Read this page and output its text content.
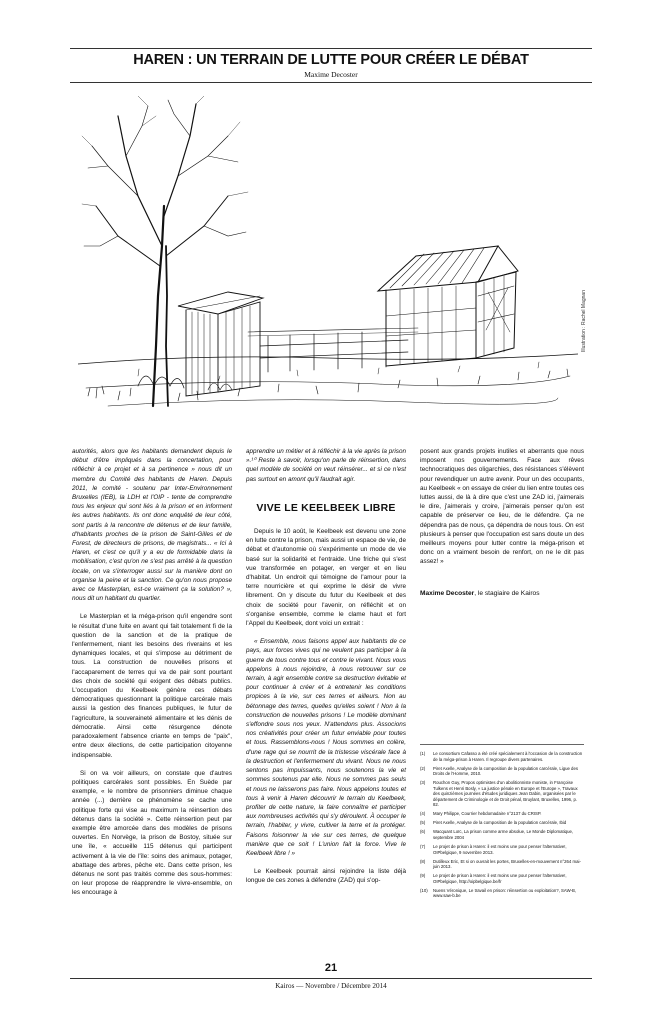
HAREN : UN TERRAIN DE LUTTE POUR CRÉER LE DÉBAT
Maxime Decoster
Illustration : Rachel Magnan

autorités, alors que les habitants demandent depuis le début d'être impliqués dans la concertation, pour réfléchir à ce projet et à sa pertinence » nous dit un membre du Comité des habitants de Haren. Depuis 2011, le comité - soutenu par Inter-Environnement Bruxelles (IEB), la LDH et l'OIP - tente de comprendre tous les enjeux qui sont liés à la prison et en informent les autres habitants. Ils ont donc enquêté de leur côté, sont partis à la rencontre de détenus et de leur famille, d'habitants proches de la prison de Saint-Gilles et de Forest, de directeurs de prisons, de magistrats... « Ici à Haren, et c'est ce qu'il y a eu de formidable dans la mobilisation, c'est qu'on ne s'est pas arrêté à la question locale, on va s'interroger aussi sur la manière dont on organise la peine et la sanction. Ce qu'on nous propose avec ce Masterplan, est-ce vraiment ça la solution? », nous dit un habitant du quartier.

Le Masterplan et la méga-prison qu'il engendre sont le résultat d'une fuite en avant qui fait totalement fi de la question de la sanction et de la pratique de l'enfermement, niant les besoins des riverains et les dynamiques locales, et qui s'impose au détriment de tous. La construction de nouvelles prisons et l'accaparement de terres qui va de pair sont pourtant des choix de société qui exigent des débats publics. L'occupation du Keelbeek génère ces débats démocratiques questionnant la politique carcérale mais aussi la gestion des finances publiques, le futur de l'agriculture, la souveraineté alimentaire et les dénis de démocratie. Ainsi cette résurgence dénote paradoxalement l'absence criante en temps de "paix", entre deux élections, de cette participation citoyenne indispensable.

Si on va voir ailleurs, on constate que d'autres politiques carcérales sont possibles. En Suède par exemple, « le nombre de prisonniers diminue chaque année (...) derrière ce phénomène se cache une politique forte qui vise au maximum la réinsertion des détenus dans la société ». Cette réinsertion peut par exemple être amorcée dans des modèles de prisons ouvertes. En Norvège, la prison de Bostoy, située sur une île, « accueille 115 détenus qui participent activement à la vie de l'île: soins des animaux, potager, abattage des arbres, pêche etc. Dans cette prison, les détenus ne sont pas traités comme des sous-hommes: on leur propose de réapprendre le vivre-ensemble, on les encourage à

apprendre un métier et à réfléchir à la vie après la prison ».¹⁰ Reste à savoir, lorsqu'on parle de réinsertion, dans quel modèle de société on veut réinsérer... et si ce n'est pas surtout en amont qu'il faudrait agir.

VIVE LE KEELBEEK LIBRE

Depuis le 10 août, le Keelbeek est devenu une zone en lutte contre la prison, mais aussi un espace de vie, de débat et d'autonomie où s'expérimente un mode de vie basé sur la solidarité et l'entraide. Une friche qui s'est vue transformée en potager, en verger et en lieu d'habitat. Un endroit qui témoigne de l'amour pour la terre nourricière et qui exprime le désir de vivre librement. On y discute du futur du Keelbeek et des choix de société pour l'avenir, on réfléchit et on s'organise ensemble, comme le clame haut et fort l'Appel du Keelbeek, dont voici un extrait :

« Ensemble, nous faisons appel aux habitants de ce pays, aux forces vives qui ne veulent pas participer à la guerre de tous contre tous et contre le vivant. Nous vous appelons à nous rejoindre, à nous retrouver sur ce terrain, à agir ensemble contre sa destruction évitable et pour continuer à créer et à entretenir les conditions propices à la vie, sur ces terres et ailleurs. Non au bétonnage des terres, quelles qu'elles soient ! Non à la construction de nouvelles prisons ! Le modèle dominant s'effondre sous nos yeux. N'attendons plus. Associons nos créativités pour créer un futur enviable pour toutes et tous. Rassemblons-nous ! Nous sommes en colère, d'une rage qui se nourrit de la tristesse viscérale face à la destruction et l'enfermement du vivant. Nous ne nous sentons pas impuissants, nous soutenons la vie et sommes soutenus par elle. Nous ne sommes pas seuls et nous ne laisserons pas faire. Nous appelons toutes et tous à venir à Haren découvrir le terrain du Keelbeek, profiter de cette nature, la faire connaître et participer aux nombreuses activités qui s'y déroulent. À occuper le terrain, l'habiter, y vivre, cultiver la terre et la protéger. Faisons foisonner la vie sur ces terres, de quelque manière que ce soit ! L'union fait la force. Vive le Keelbeek libre ! »

Le Keelbeek pourrait ainsi rejoindre la liste déjà longue de ces zones à défendre (ZAD) qui s'op-

posent aux grands projets inutiles et aberrants que nous imposent nos gouvernements. Face aux rêves technocratiques des oligarchies, des résistances s'élèvent pour revendiquer un autre avenir. Pour un des occupants, au Keelbeek « on essaye de créer du lien entre toutes ces luttes aussi, de là à dire que c'est une ZAD ici, j'aimerais le dire, j'aimerais y croire, j'aimerais penser qu'on est capable de préserver ce lieu, de le défendre. Ça ne dépendra pas de nous, ça dépendra de nous tous. On est plusieurs à penser que l'occupation est sans doute un des meilleurs moyens pour lutter contre la méga-prison et donc on a vraiment besoin de renfort, on ne le dit pas assez! »

Maxime Decoster, le stagiaire de Kairos
(1)	Le consortium Cafasso a été créé spécialement à l'occasion de la construction de la méga-prison à Haren. Il regroupe divers partenaires.
(2)	Piret Axelle, Analyse de la composition de la population carcérale, Ligue des Droits de l'Homme, 2010.
(3)	Rouchon Guy, Propos optimistes d'un abolitionniste moniste, in Françoise Tulkens et Henri Bosly, « La justice pénale en Europe et l'Europe », Travaux des quinzièmes journées d'études juridiques Jean Dabin, organisées par le département de Criminologie et de Droit pénal, Bruylant, Bruxelles, 1996, p. 82.
(4)	Mary Philippe, Courrier hebdomadaire n°2137 du CRISP.
(5)	Piret Axelle, Analyse de la composition de la population carcérale, Ibid
(6)	Wacquant Loïc, La prison comme arme absolue, Le Monde Diplomatique, septembre 2004
(7)	Le projet de prison à Haren: il est moins une pour penser l'alternative!, OIPbelgique, 9 novembre 2013.
(8)	Dutilleux Eric, Et si on ouvrait les portes, Bruxelles-en-mouvement n°264 mai-juin 2013.
(9)	Le projet de prison à Haren: il est moins une pour penser l'alternative!, OIPbelgique, http://oipbelgique.be/fr
(10)	Nuens Véronique, Le travail en prison: réinsertion ou exploitation?, SAW-B, www.saw-b.be
21
Kairos — Novembre / Décembre 2014
